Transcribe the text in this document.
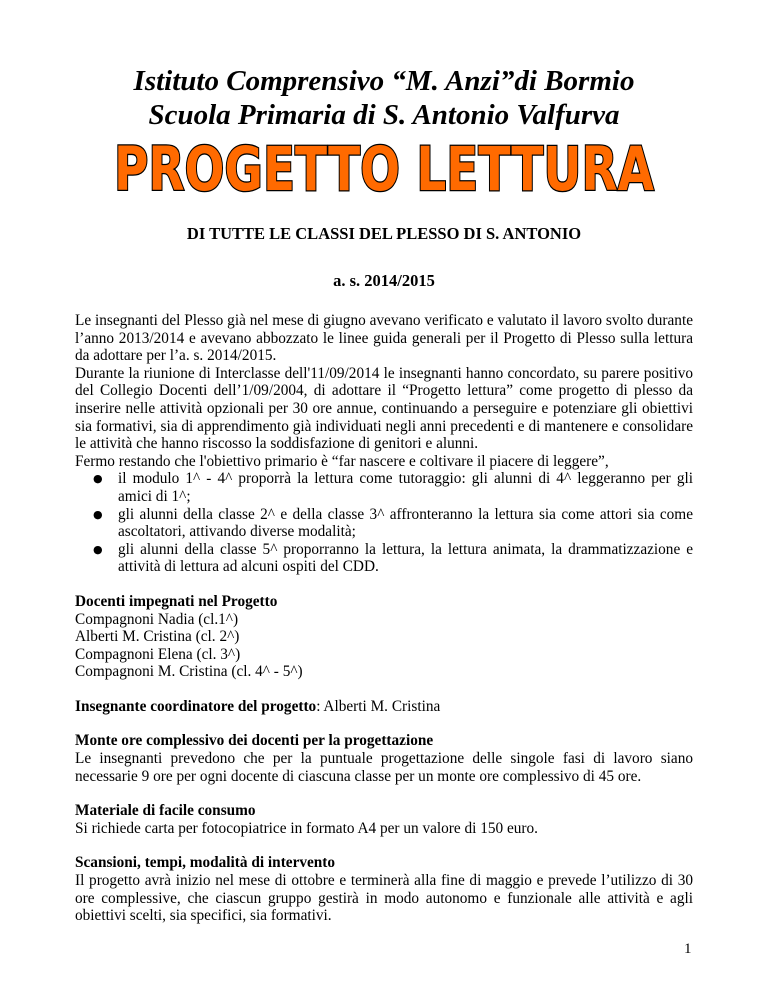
Istituto Comprensivo “M. Anzi”di Bormio
Scuola Primaria di S. Antonio Valfurva
PROGETTO LETTURA
DI TUTTE LE CLASSI DEL PLESSO DI S. ANTONIO
a. s. 2014/2015

Le insegnanti del Plesso già nel mese di giugno avevano verificato e valutato il lavoro svolto durante l’anno 2013/2014 e avevano abbozzato le linee guida generali per il Progetto di Plesso sulla lettura da adottare per l’a. s. 2014/2015.

Durante la riunione di Interclasse dell'11/09/2014 le insegnanti hanno concordato, su parere positivo del Collegio Docenti dell’1/09/2004, di adottare il “Progetto lettura” come progetto di plesso da inserire nelle attività opzionali per 30 ore annue, continuando a perseguire e potenziare gli obiettivi sia formativi, sia di apprendimento già individuati negli anni precedenti e di mantenere e consolidare le attività che hanno riscosso la soddisfazione di genitori e alunni.

Fermo restando che l'obiettivo primario è “far nascere e coltivare il piacere di leggere”,

● il modulo 1^ - 4^ proporrà la lettura come tutoraggio: gli alunni di 4^ leggeranno per gli amici di 1^;
● gli alunni della classe 2^ e della classe 3^ affronteranno la lettura sia come attori sia come ascoltatori, attivando diverse modalità;
● gli alunni della classe 5^ proporranno la lettura, la lettura animata, la drammatizzazione e attività di lettura ad alcuni ospiti del CDD.

Docenti impegnati nel Progetto

Compagnoni Nadia (cl.1^)

Alberti M. Cristina (cl. 2^)

Compagnoni Elena (cl. 3^)

Compagnoni M. Cristina (cl. 4^ - 5^)

Insegnante coordinatore del progetto: Alberti M. Cristina

Monte ore complessivo dei docenti per la progettazione

Le insegnanti prevedono che per la puntuale progettazione delle singole fasi di lavoro siano necessarie 9 ore per ogni docente di ciascuna classe per un monte ore complessivo di 45 ore.

Materiale di facile consumo

Si richiede carta per fotocopiatrice in formato A4 per un valore di 150 euro.

Scansioni, tempi, modalità di intervento

Il progetto avrà inizio nel mese di ottobre e terminerà alla fine di maggio e prevede l’utilizzo di 30 ore complessive, che ciascun gruppo gestirà in modo autonomo e funzionale alle attività e agli obiettivi scelti, sia specifici, sia formativi.

1
